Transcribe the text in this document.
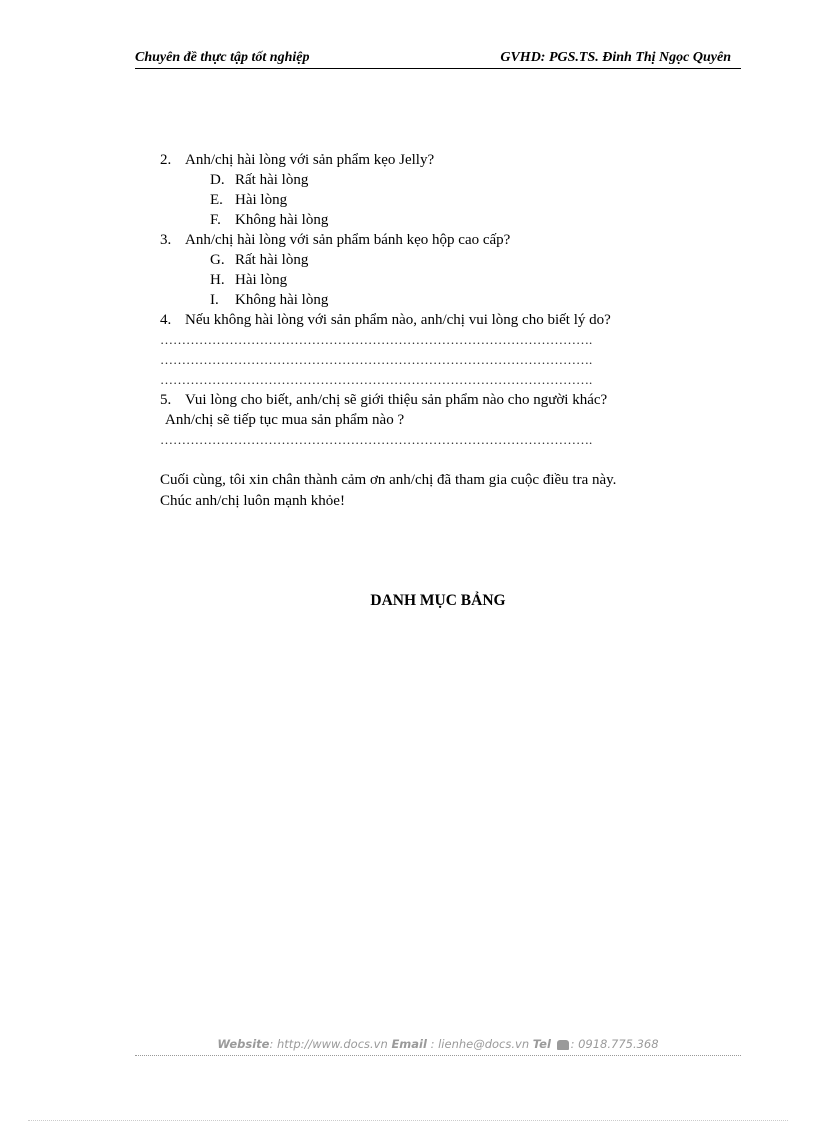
Chuyên đề thực tập tốt nghiệp	GVHD: PGS.TS. Đinh Thị Ngọc Quyên
2. Anh/chị hài lòng với sản phẩm kẹo Jelly?
D. Rất hài lòng
E. Hài lòng
F. Không hài lòng
3. Anh/chị hài lòng với sản phẩm bánh kẹo hộp cao cấp?
G. Rất hài lòng
H. Hài lòng
I. Không hài lòng
4. Nếu không hài lòng với sản phẩm nào, anh/chị vui lòng cho biết lý do?
……………………………………………………………………………………….
……………………………………………………………………………………….
……………………………………………………………………………………….
5. Vui lòng cho biết, anh/chị sẽ giới thiệu sản phẩm nào cho người khác?
Anh/chị sẽ tiếp tục mua sản phẩm nào ?
……………………………………………………………………………………….
Cuối cùng, tôi xin chân thành cảm ơn anh/chị đã tham gia cuộc điều tra này.
Chúc anh/chị luôn mạnh khỏe!
DANH MỤC BẢNG
Website: http://www.docs.vn Email : lienhe@docs.vn Tel : 0918.775.368
